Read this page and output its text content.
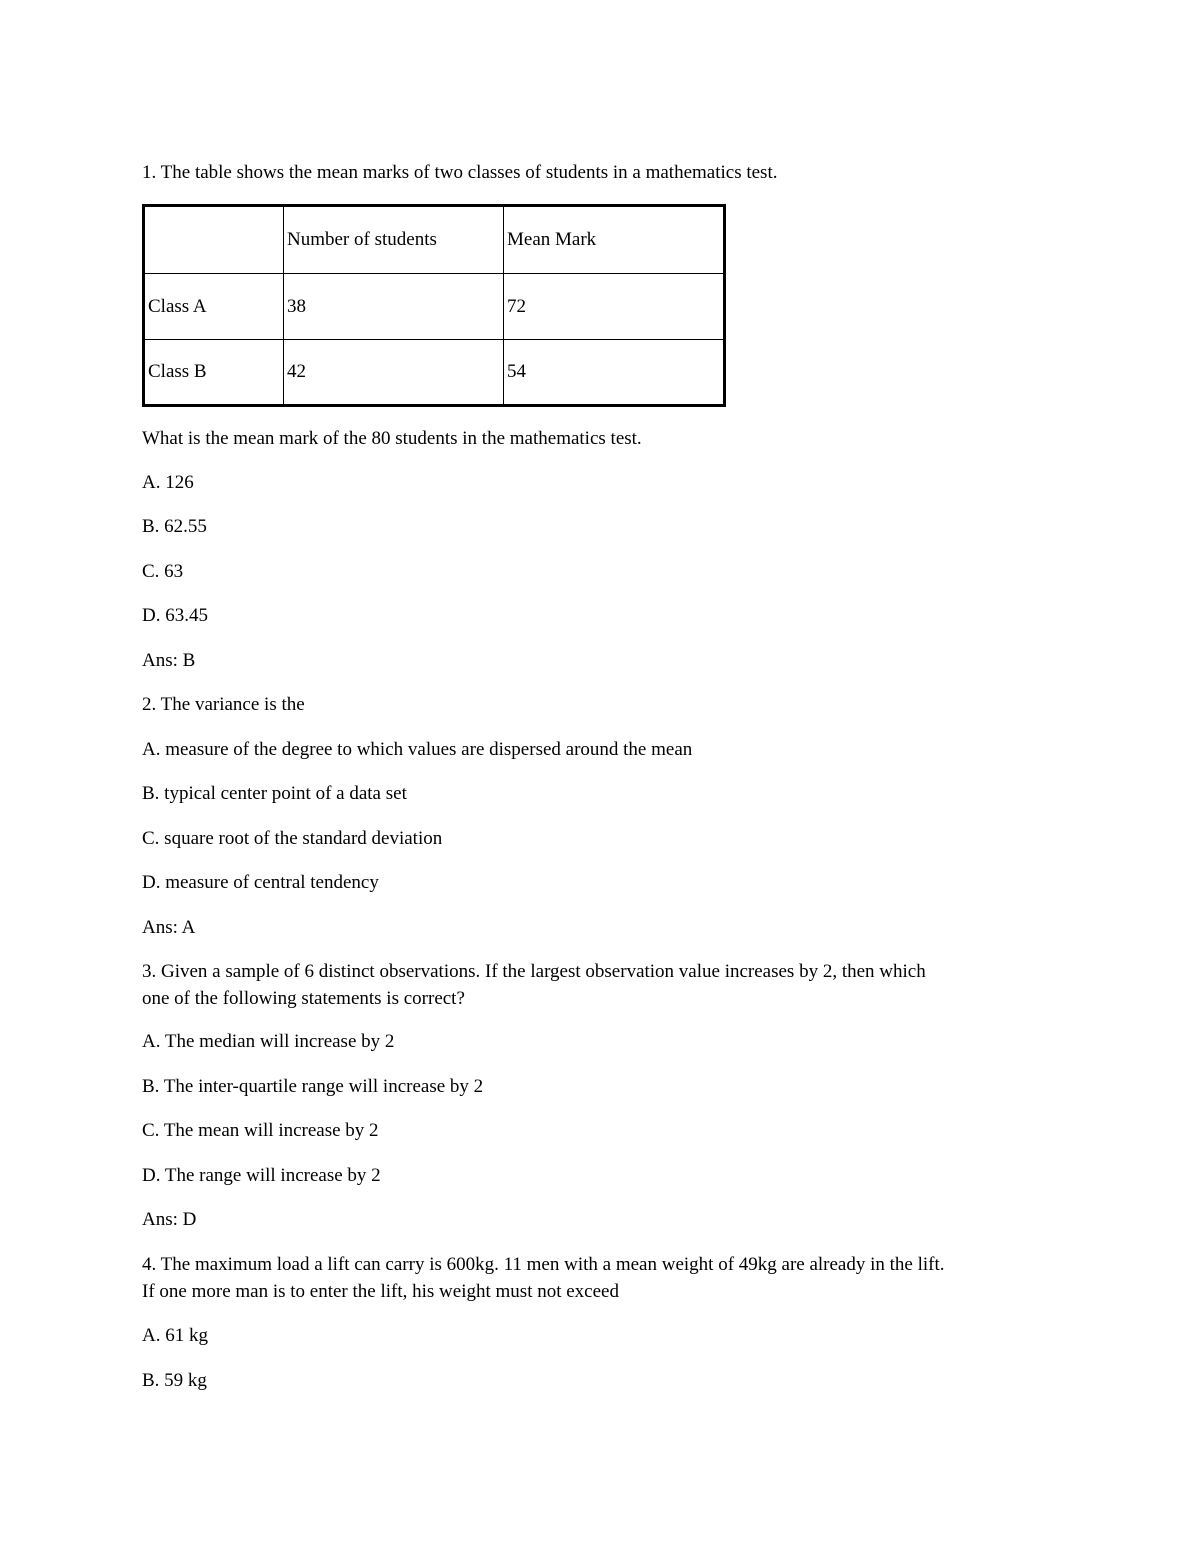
1. The table shows the mean marks of two classes of students in a mathematics test.
	Number of students	Mean Mark
Class A	38	72
Class B	42	54
What is the mean mark of the 80 students in the mathematics test.
A. 126
B. 62.55
C. 63
D. 63.45
Ans: B
2. The variance is the
A. measure of the degree to which values are dispersed around the mean
B. typical center point of a data set
C. square root of the standard deviation
D. measure of central tendency
Ans: A
3. Given a sample of 6 distinct observations. If the largest observation value increases by 2, then which
one of the following statements is correct?
A. The median will increase by 2
B. The inter-quartile range will increase by 2
C. The mean will increase by 2
D. The range will increase by 2
Ans: D
4. The maximum load a lift can carry is 600kg. 11 men with a mean weight of 49kg are already in the lift.
If one more man is to enter the lift, his weight must not exceed
A. 61 kg
B. 59 kg
